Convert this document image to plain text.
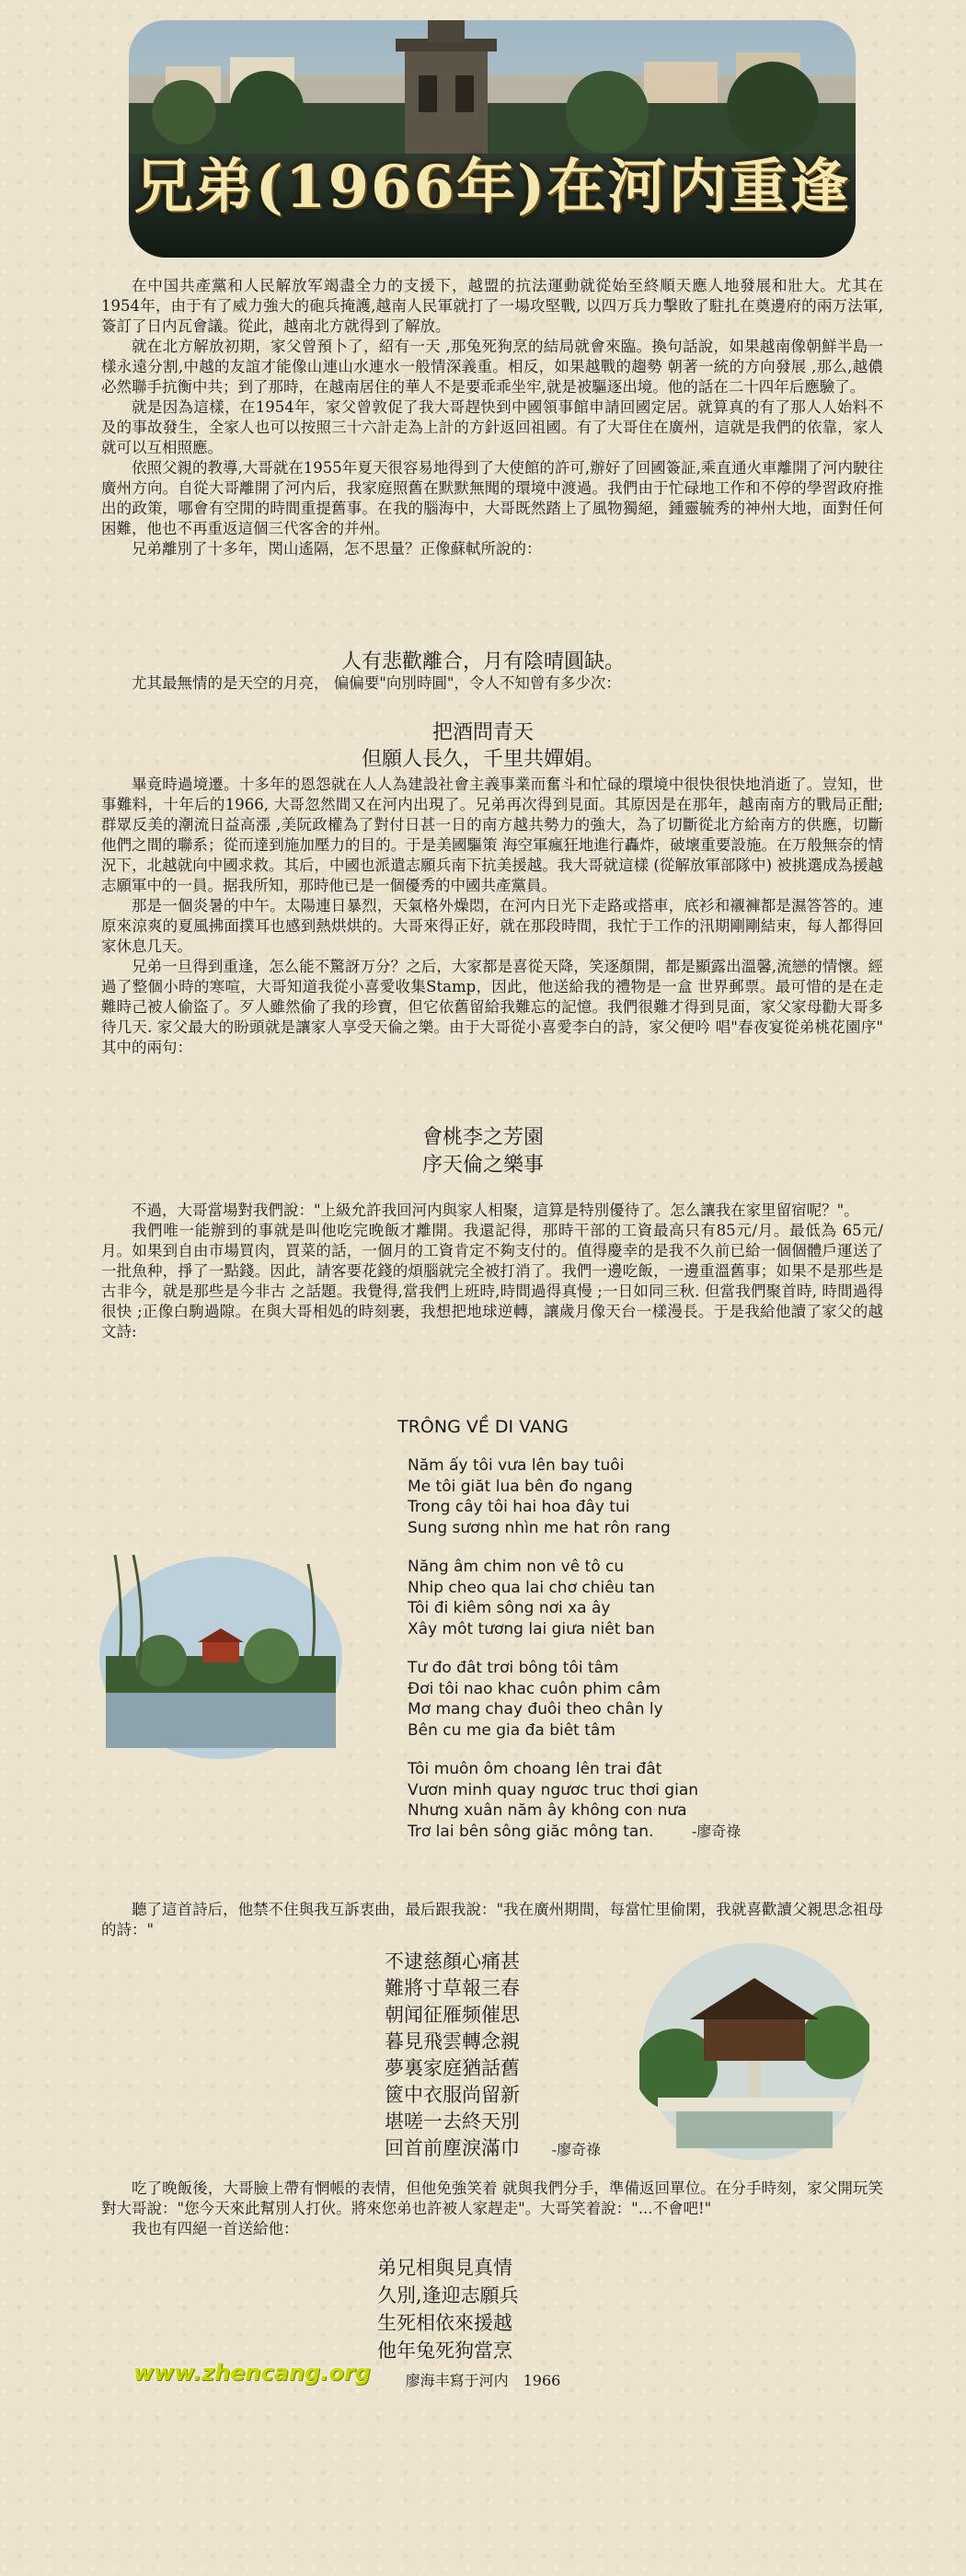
兄弟(1966年)在河内重逢

在中国共產黨和人民解放军竭盡全力的支援下，越盟的抗法運動就從始至終順天應人地發展和壯大。尤其在1954年，由于有了威力強大的砲兵掩護,越南人民軍就打了一場攻堅戰, 以四万兵力擊敗了駐扎在奠邊府的兩万法軍, 簽訂了日内瓦會議。從此，越南北方就得到了解放。

就在北方解放初期，家父曾預卜了，紹有一天 ,那兔死狗烹的結局就會來臨。換句話說，如果越南像朝鮮半島一樣永遠分割,中越的友誼才能像山連山水連水一般情深義重。相反，如果越戰的趨勢 朝著一統的方向發展 ,那么,越儂必然聯手抗衡中共；到了那時，在越南居住的華人不是要乖乖坐牢,就是被驅逐出境。他的話在二十四年后應驗了。

就是因為這樣，在1954年，家父曾敦促了我大哥趕快到中國領事館申請回國定居。就算真的有了那人人始料不及的事故發生，全家人也可以按照三十六計走為上計的方針返回祖國。有了大哥住在廣州，這就是我們的依靠，家人就可以互相照應。

依照父親的教導,大哥就在1955年夏天很容易地得到了大使館的許可,辦好了回國簽証,乘直通火車離開了河内駛往廣州方向。自從大哥離開了河内后，我家庭照舊在默默無聞的環境中渡過。我們由于忙碌地工作和不停的學習政府推出的政策，哪會有空閒的時間重提舊事。在我的腦海中，大哥既然踏上了風物獨絕，鍾靈毓秀的神州大地，面對任何困難，他也不再重返這個三代客舍的并州。

兄弟離別了十多年，関山遙隔，怎不思量？正像蘇軾所說的：

人有悲歡離合，月有陰晴圓缺。

尤其最無情的是天空的月亮， 偏偏要"向別時圓"，令人不知曾有多少次：

把酒問青天
但願人長久，千里共嬋娟。

畢竟時過境遷。十多年的恩怨就在人人為建設社會主義事業而奮斗和忙碌的環境中很快很快地消逝了。豈知，世事難料，十年后的1966, 大哥忽然間又在河内出現了。兄弟再次得到見面。其原因是在那年，越南南方的戰局正酣;群眾反美的潮流日益高漲 ,美阮政權為了對付日甚一日的南方越共勢力的強大，為了切斷從北方給南方的供應，切斷他們之間的聯系；從而達到施加壓力的目的。于是美國驅策 海空軍瘋狂地進行轟炸，破壞重要設施。在万般無奈的情況下，北越就向中國求救。其后，中國也派遣志願兵南下抗美援越。我大哥就這樣 (從解放軍部隊中) 被挑選成為援越志願軍中的一員。据我所知，那時他已是一個優秀的中國共產黨員。

那是一個炎暑的中午。太陽連日暴烈，天氣格外燥悶，在河内日光下走路或搭車，底衫和襯褲都是濕答答的。連原來涼爽的夏風拂面撲耳也感到熱烘烘的。大哥來得正好，就在那段時間，我忙于工作的汛期剛剛結束，每人都得回家休息几天。

兄弟一旦得到重逢，怎么能不驚訝万分？之后，大家都是喜從天降，笑逐顏開，都是顯露出溫馨,流戀的情懷。經過了整個小時的寒喧，大哥知道我從小喜愛收集Stamp，因此，他送給我的禮物是一盒 世界郵票。最可惜的是在走難時己被人偷盜了。歹人雖然偷了我的珍寶，但它依舊留給我難忘的記憶。我們很難才得到見面，家父家母勸大哥多待几天. 家父最大的盼頭就是讓家人享受天倫之樂。由于大哥從小喜愛李白的詩，家父便吟 唱"春夜宴從弟桃花園序" 其中的兩句：

會桃李之芳園
序天倫之樂事

不過，大哥當場對我們說："上級允許我回河内與家人相聚，這算是特別優待了。怎么讓我在家里留宿呢？"。

我們唯一能辦到的事就是叫他吃完晚飯才離開。我還記得，那時干部的工資最高只有85元/月。最低為 65元/月。如果到自由市場買肉，買菜的話，一個月的工資肯定不夠支付的。值得慶幸的是我不久前已給一個個體戶運送了一批魚种，掙了一點錢。因此，請客要花錢的煩腦就完全被打消了。我們一邊吃飯，一邊重溫舊事；如果不是那些是古非今，就是那些是今非古 之話題。我覺得,當我們上班時,時間過得真慢 ;一日如同三秋. 但當我們聚首時, 時間過得很快 ;正像白駒過隙。在與大哥相処的時刻裹，我想把地球逆轉，讓歲月像天台一樣漫長。于是我給他讀了家父的越文詩:

TRÔNG VỀ DI VANG
Năm ấy tôi vưa lên bay tuôi
Me tôi giăt lua bên đo ngang
Trong cây tôi hai hoa đây tui
Sung sương nhìn me hat rôn rang
Năng âm chim non vê tô cu
Nhip cheo qua lai chơ chiêu tan
Tôi đi kiêm sông nơi xa ây
Xây môt tương lai giưa niêt ban
Tư đo đât trơi bông tôi tâm
Đơi tôi nao khac cuôn phim câm
Mơ mang chay đuôi theo chân ly
Bên cu me gia đa biêt tâm
Tôi muôn ôm choang lên trai đât
Vươn minh quay ngươc truc thơi gian
Nhưng xuân năm ây không con nưa
Trơ lai bên sông giăc mông tan.	-廖奇祿

聽了這首詩后，他禁不住與我互訴衷曲，最后跟我說："我在廣州期間，每當忙里偷閑，我就喜歡讀父親思念祖母的詩："

不逮慈顏心痛甚
難將寸草報三春
朝闻征雁频催思
暮見飛雲轉念親
夢裏家庭猶話舊
篋中衣服尚留新
堪嗟一去終天別
回首前塵淚滿巾 -廖奇祿

吃了晚飯後，大哥臉上帶有惘帳的表情，但他免強笑着 就與我們分手，準備返回單位。在分手時刻，家父開玩笑對大哥說："您今天來此幫別人打伙。將來您弟也許被人家趕走"。大哥笑着說："...不會吧!"

我也有四絕一首送給他：

弟兄相與見真情
久別,逢迎志願兵
生死相依來援越
他年兔死狗當烹
廖海丰寫于河内　1966
www.zhencang.org
